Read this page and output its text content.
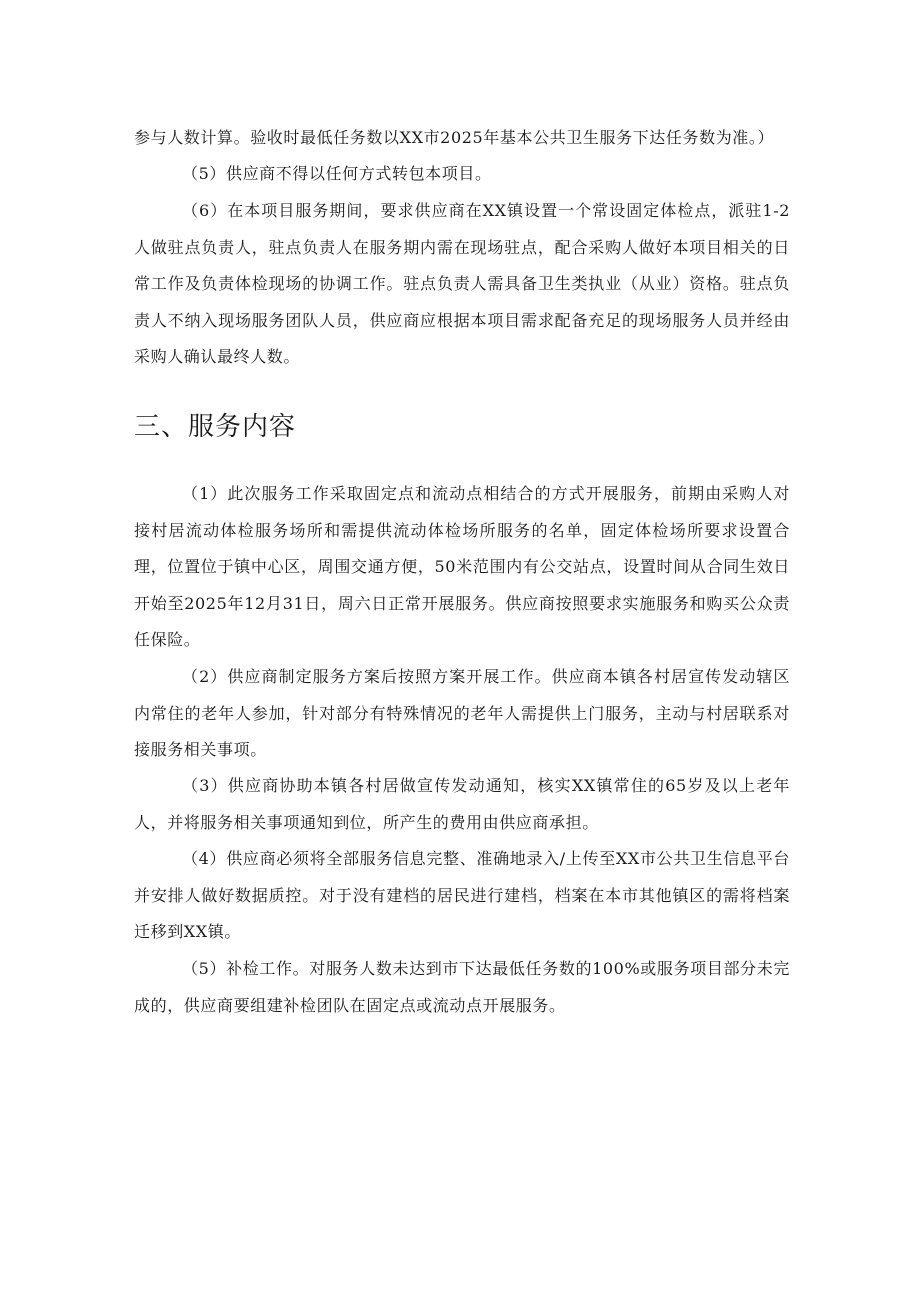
参与人数计算。验收时最低任务数以XX市2025年基本公共卫生服务下达任务数为准。）

（5）供应商不得以任何方式转包本项目。

（6）在本项目服务期间，要求供应商在XX镇设置一个常设固定体检点，派驻1-2人做驻点负责人，驻点负责人在服务期内需在现场驻点，配合采购人做好本项目相关的日常工作及负责体检现场的协调工作。驻点负责人需具备卫生类执业（从业）资格。驻点负责人不纳入现场服务团队人员，供应商应根据本项目需求配备充足的现场服务人员并经由采购人确认最终人数。

三、服务内容

（1）此次服务工作采取固定点和流动点相结合的方式开展服务，前期由采购人对接村居流动体检服务场所和需提供流动体检场所服务的名单，固定体检场所要求设置合理，位置位于镇中心区，周围交通方便，50米范围内有公交站点，设置时间从合同生效日开始至2025年12月31日，周六日正常开展服务。供应商按照要求实施服务和购买公众责任保险。

（2）供应商制定服务方案后按照方案开展工作。供应商本镇各村居宣传发动辖区内常住的老年人参加，针对部分有特殊情况的老年人需提供上门服务，主动与村居联系对接服务相关事项。

（3）供应商协助本镇各村居做宣传发动通知，核实XX镇常住的65岁及以上老年人，并将服务相关事项通知到位，所产生的费用由供应商承担。

（4）供应商必须将全部服务信息完整、准确地录入/上传至XX市公共卫生信息平台并安排人做好数据质控。对于没有建档的居民进行建档，档案在本市其他镇区的需将档案迁移到XX镇。

（5）补检工作。对服务人数未达到市下达最低任务数的100%或服务项目部分未完成的，供应商要组建补检团队在固定点或流动点开展服务。
